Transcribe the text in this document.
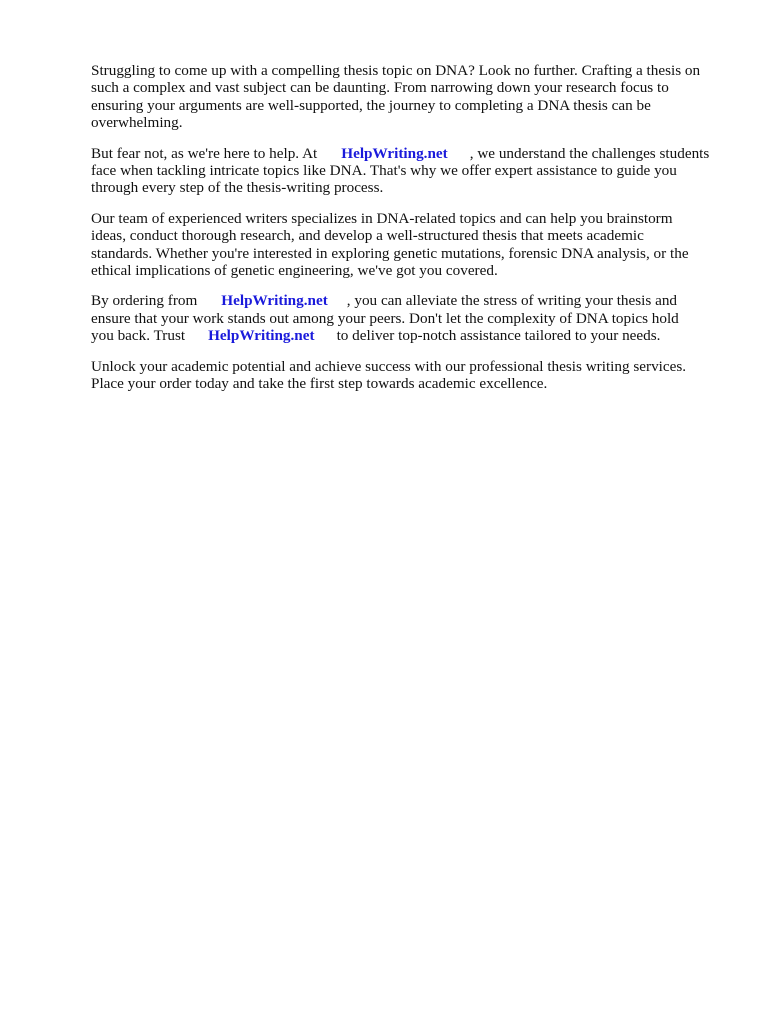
Struggling to come up with a compelling thesis topic on DNA? Look no further. Crafting a thesis on
such a complex and vast subject can be daunting. From narrowing down your research focus to
ensuring your arguments are well-supported, the journey to completing a DNA thesis can be
overwhelming.

But fear not, as we're here to help. At HelpWriting.net , we understand the challenges students
face when tackling intricate topics like DNA. That's why we offer expert assistance to guide you
through every step of the thesis-writing process.

Our team of experienced writers specializes in DNA-related topics and can help you brainstorm
ideas, conduct thorough research, and develop a well-structured thesis that meets academic
standards. Whether you're interested in exploring genetic mutations, forensic DNA analysis, or the
ethical implications of genetic engineering, we've got you covered.

By ordering from HelpWriting.net , you can alleviate the stress of writing your thesis and
ensure that your work stands out among your peers. Don't let the complexity of DNA topics hold
you back. Trust HelpWriting.net to deliver top-notch assistance tailored to your needs.

Unlock your academic potential and achieve success with our professional thesis writing services.
Place your order today and take the first step towards academic excellence.
